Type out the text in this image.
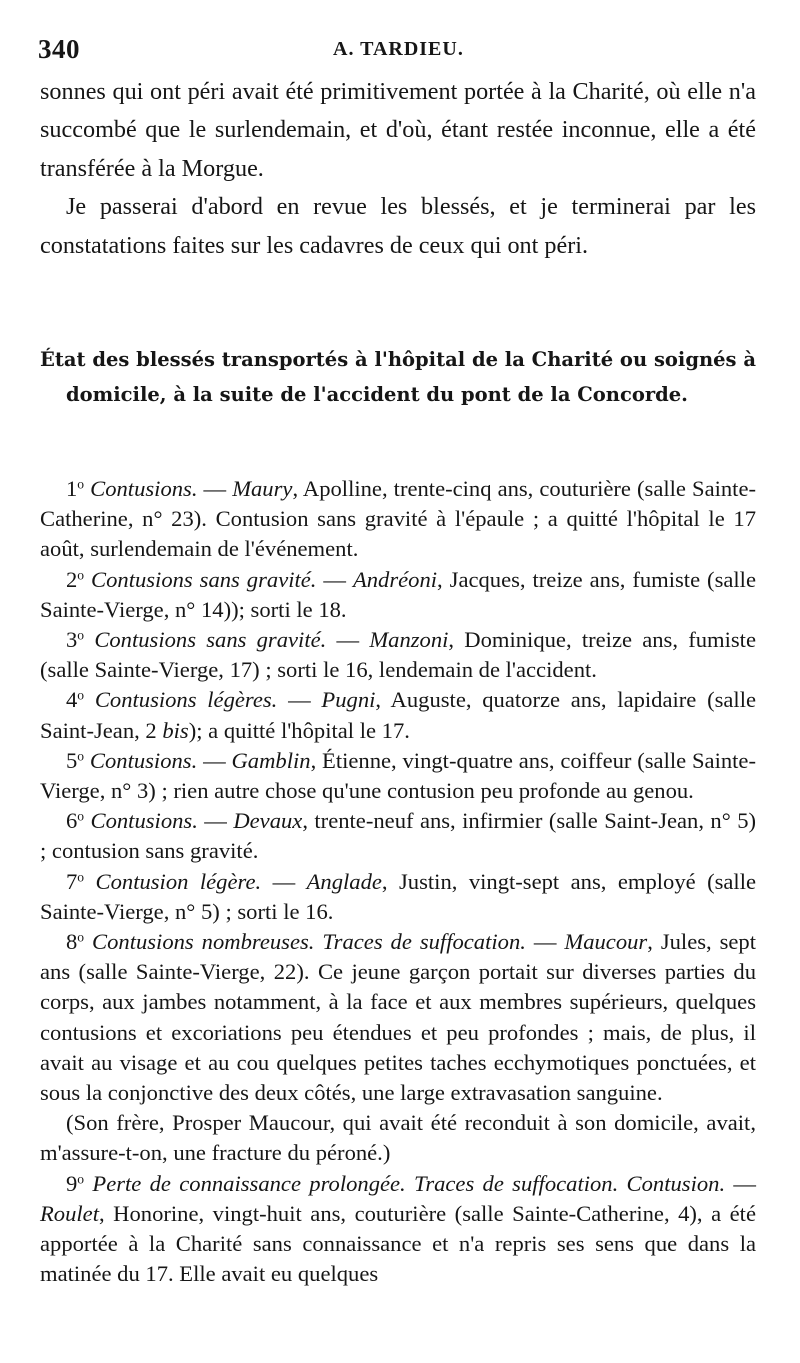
340	A. TARDIEU.

sonnes qui ont péri avait été primitivement portée à la Charité, où elle n'a succombé que le surlendemain, et d'où, étant restée inconnue, elle a été transférée à la Morgue.

Je passerai d'abord en revue les blessés, et je terminerai par les constatations faites sur les cadavres de ceux qui ont péri.

État des blessés transportés à l'hôpital de la Charité ou soignés à domicile, à la suite de l'accident du pont de la Concorde.

1$^o$ Contusions. — Maury, Apolline, trente-cinq ans, couturière (salle Sainte-Catherine, n° 23). Contusion sans gravité à l'épaule ; a quitté l'hôpital le 17 août, surlendemain de l'événement.

2$^o$ Contusions sans gravité. — Andréoni, Jacques, treize ans, fumiste (salle Sainte-Vierge, n° 14)); sorti le 18.

3$^o$ Contusions sans gravité. — Manzoni, Dominique, treize ans, fumiste (salle Sainte-Vierge, 17) ; sorti le 16, lendemain de l'accident.

4$^o$ Contusions légères. — Pugni, Auguste, quatorze ans, lapidaire (salle Saint-Jean, 2 bis); a quitté l'hôpital le 17.

5$^o$ Contusions. — Gamblin, Étienne, vingt-quatre ans, coiffeur (salle Sainte-Vierge, n° 3) ; rien autre chose qu'une contusion peu profonde au genou.

6$^o$ Contusions. — Devaux, trente-neuf ans, infirmier (salle Saint-Jean, n° 5) ; contusion sans gravité.

7$^o$ Contusion légère. — Anglade, Justin, vingt-sept ans, employé (salle Sainte-Vierge, n° 5) ; sorti le 16.

8$^o$ Contusions nombreuses. Traces de suffocation. — Maucour, Jules, sept ans (salle Sainte-Vierge, 22). Ce jeune garçon portait sur diverses parties du corps, aux jambes notamment, à la face et aux membres supérieurs, quelques contusions et excoriations peu étendues et peu profondes ; mais, de plus, il avait au visage et au cou quelques petites taches ecchymotiques ponctuées, et sous la conjonctive des deux côtés, une large extravasation sanguine.

(Son frère, Prosper Maucour, qui avait été reconduit à son domicile, avait, m'assure-t-on, une fracture du péroné.)

9$^o$ Perte de connaissance prolongée. Traces de suffocation. Contusion. — Roulet, Honorine, vingt-huit ans, couturière (salle Sainte-Catherine, 4), a été apportée à la Charité sans connaissance et n'a repris ses sens que dans la matinée du 17. Elle avait eu quelques
